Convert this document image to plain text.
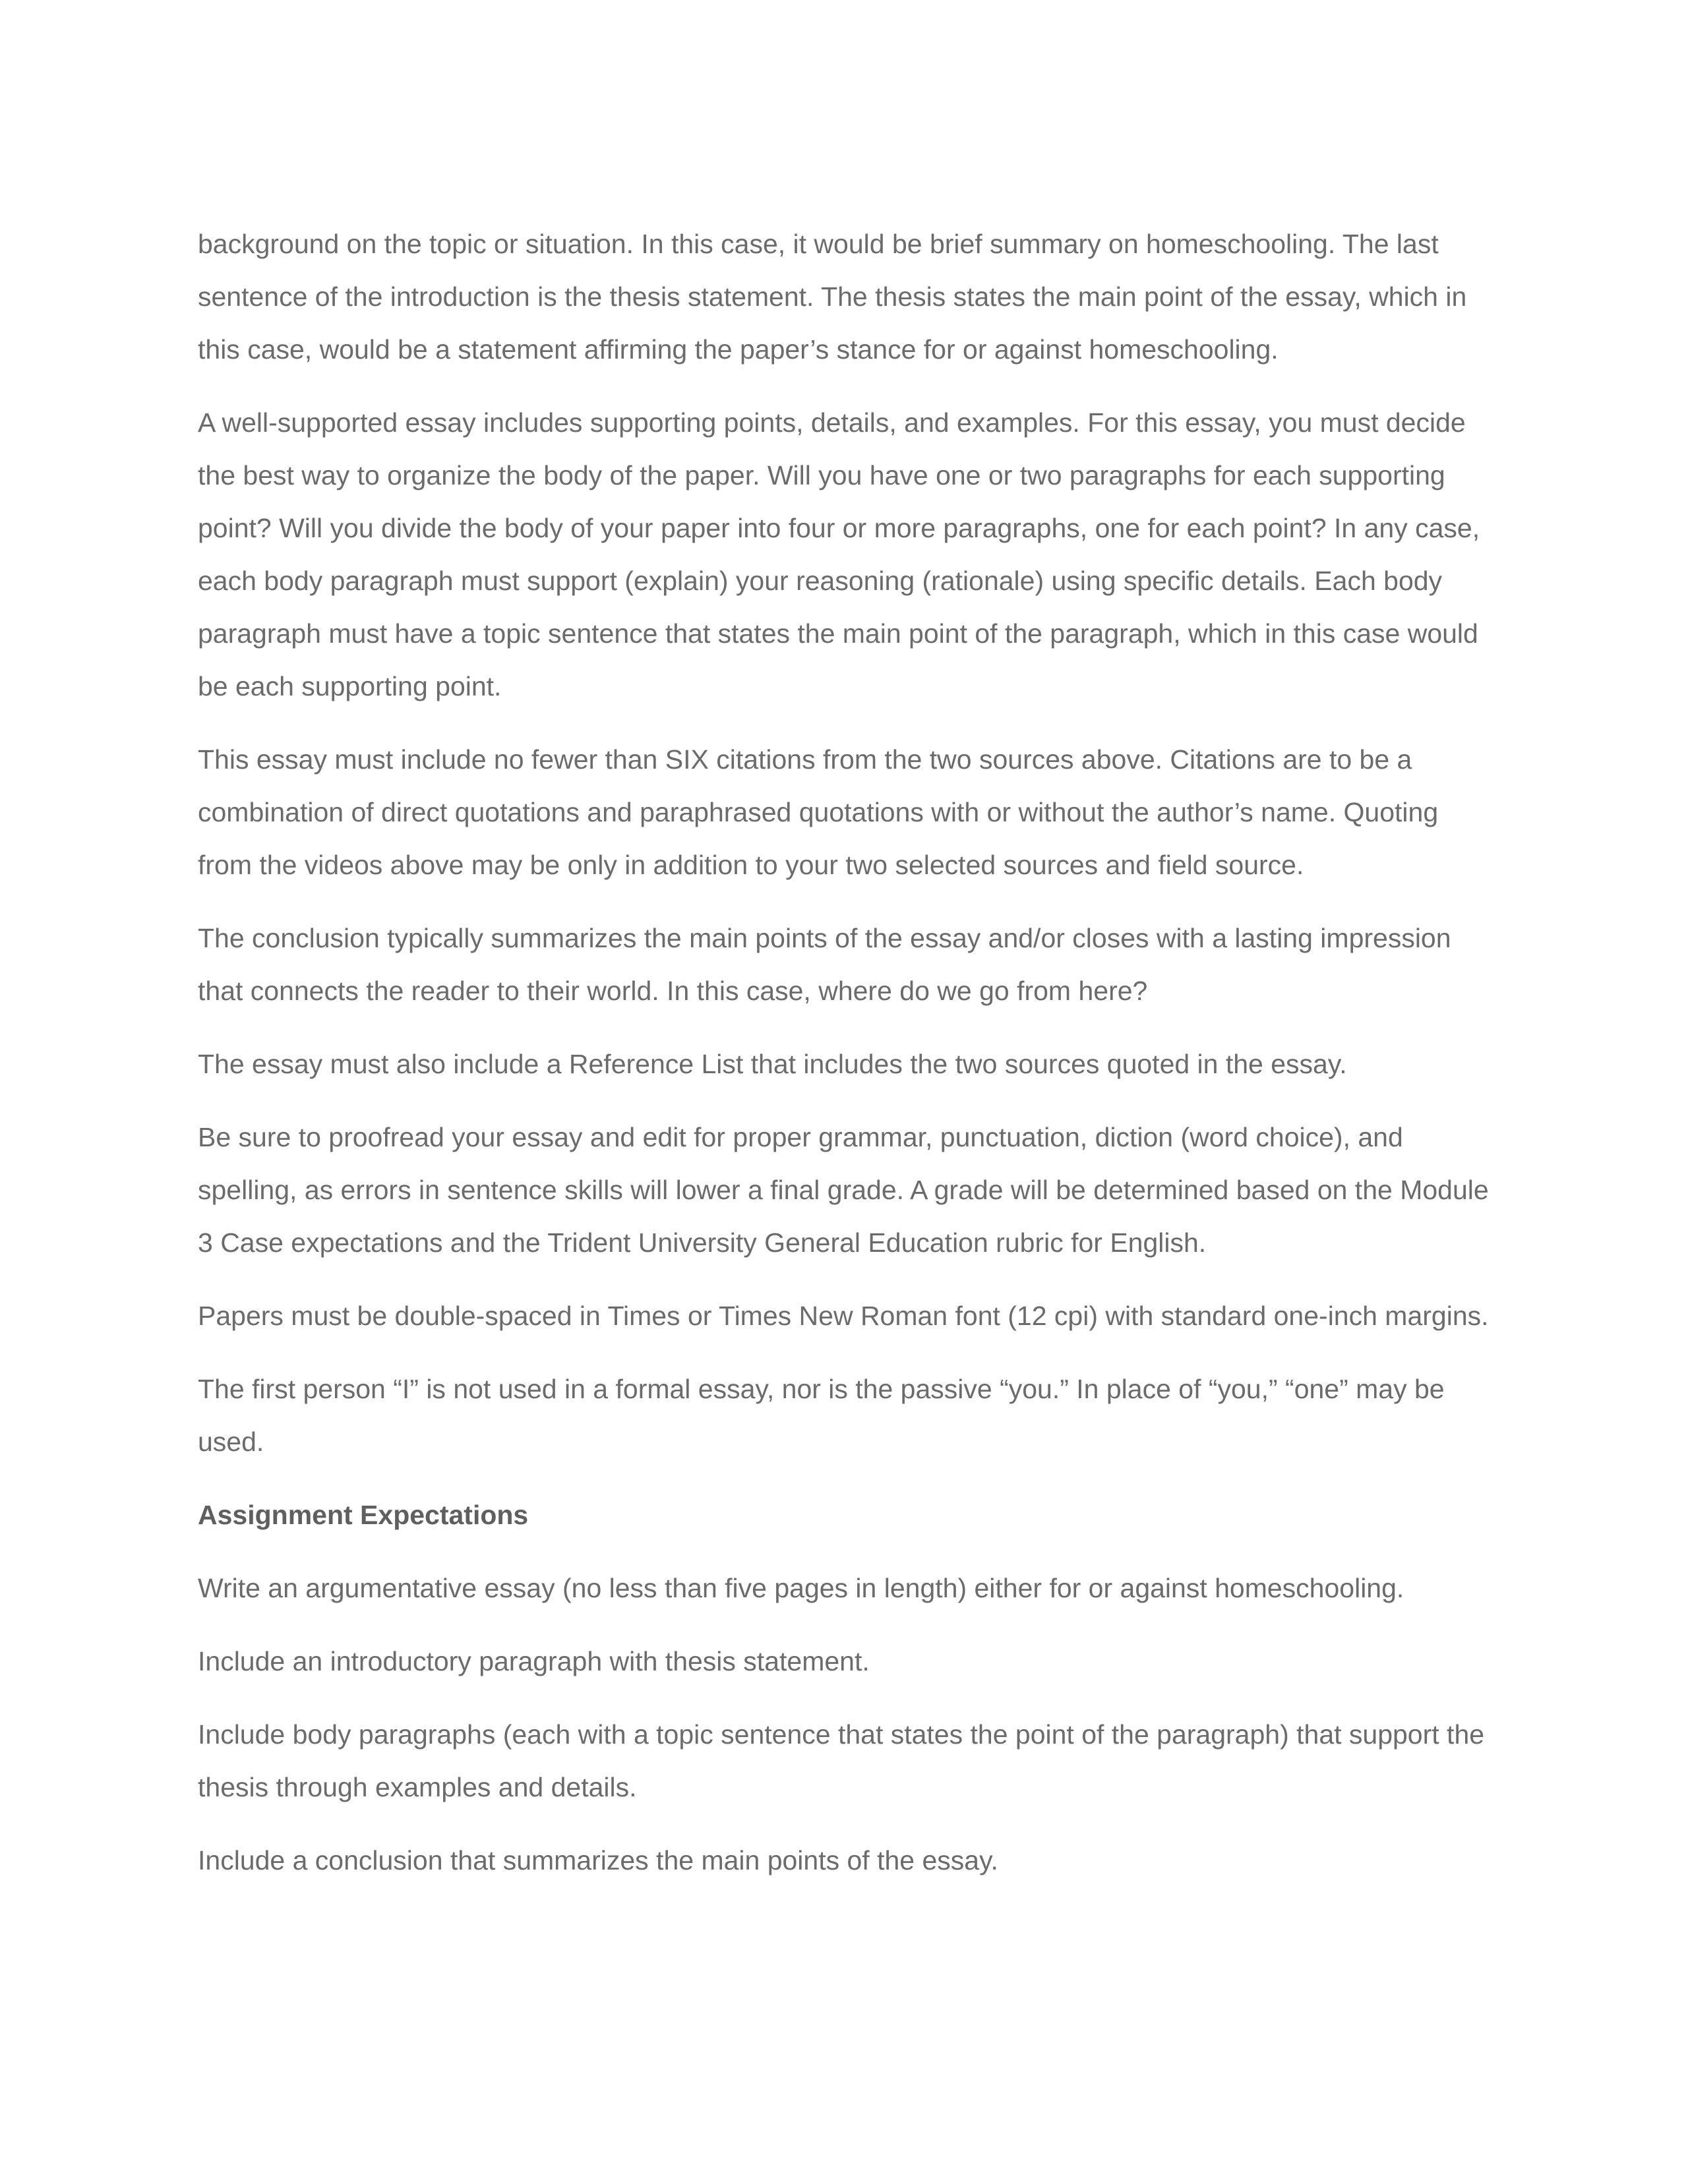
background on the topic or situation. In this case, it would be brief summary on homeschooling. The last sentence of the introduction is the thesis statement. The thesis states the main point of the essay, which in this case, would be a statement affirming the paper’s stance for or against homeschooling.

A well-supported essay includes supporting points, details, and examples. For this essay, you must decide the best way to organize the body of the paper. Will you have one or two paragraphs for each supporting point? Will you divide the body of your paper into four or more paragraphs, one for each point? In any case, each body paragraph must support (explain) your reasoning (rationale) using specific details. Each body paragraph must have a topic sentence that states the main point of the paragraph, which in this case would be each supporting point.

This essay must include no fewer than SIX citations from the two sources above. Citations are to be a combination of direct quotations and paraphrased quotations with or without the author’s name. Quoting from the videos above may be only in addition to your two selected sources and field source.

The conclusion typically summarizes the main points of the essay and/or closes with a lasting impression that connects the reader to their world. In this case, where do we go from here?

The essay must also include a Reference List that includes the two sources quoted in the essay.

Be sure to proofread your essay and edit for proper grammar, punctuation, diction (word choice), and spelling, as errors in sentence skills will lower a final grade. A grade will be determined based on the Module 3 Case expectations and the Trident University General Education rubric for English.

Papers must be double-spaced in Times or Times New Roman font (12 cpi) with standard one-inch margins.

The first person “I” is not used in a formal essay, nor is the passive “you.” In place of “you,” “one” may be used.

Assignment Expectations

Write an argumentative essay (no less than five pages in length) either for or against homeschooling.

Include an introductory paragraph with thesis statement.

Include body paragraphs (each with a topic sentence that states the point of the paragraph) that support the thesis through examples and details.

Include a conclusion that summarizes the main points of the essay.
